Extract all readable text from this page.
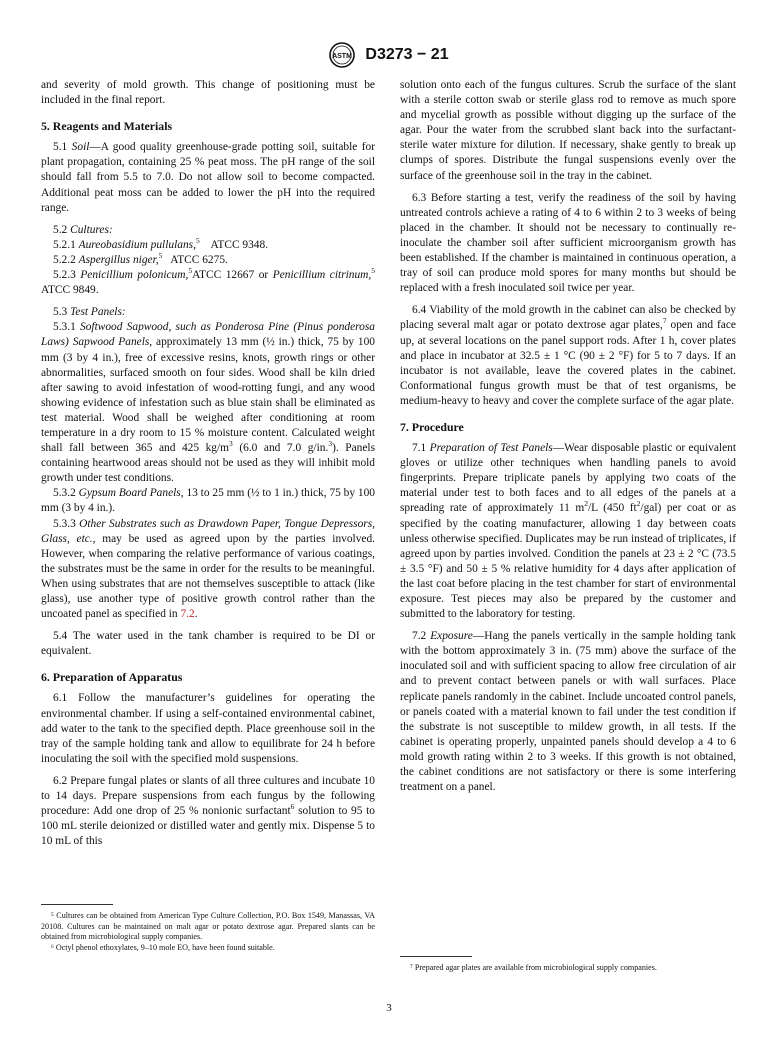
ASTM D3273 − 21

and severity of mold growth. This change of positioning must be included in the final report.

5. Reagents and Materials

5.1 Soil—A good quality greenhouse-grade potting soil, suitable for plant propagation, containing 25 % peat moss. The pH range of the soil should fall from 5.5 to 7.0. Do not allow soil to become compacted. Additional peat moss can be added to lower the pH into the required range.

5.2 Cultures:

5.2.1 Aureobasidium pullulans,$^5$ ATCC 9348.

5.2.2 Aspergillus niger,$^5$ ATCC 6275.

5.2.3 Penicillium polonicum,$^5$ATCC 12667 or Penicillium citrinum,$^5$ ATCC 9849.

5.3 Test Panels:

5.3.1 Softwood Sapwood, such as Ponderosa Pine (Pinus ponderosa Laws) Sapwood Panels, approximately 13 mm (½ in.) thick, 75 by 100 mm (3 by 4 in.), free of excessive resins, knots, growth rings or other abnormalities, surfaced smooth on four sides. Wood shall be kiln dried after sawing to avoid infestation of wood-rotting fungi, and any wood showing evidence of infestation such as blue stain shall be eliminated as test material. Wood shall be weighed after conditioning at room temperature in a dry room to 15 % moisture content. Calculated weight shall fall between 365 and 425 $kg/m^3$ (6.0 and 7.0 g/in.$^3$). Panels containing heartwood areas should not be used as they will inhibit mold growth under test conditions.

5.3.2 Gypsum Board Panels, 13 to 25 mm (½ to 1 in.) thick, 75 by 100 mm (3 by 4 in.).

5.3.3 Other Substrates such as Drawdown Paper, Tongue Depressors, Glass, etc., may be used as agreed upon by the parties involved. However, when comparing the relative performance of various coatings, the substrates must be the same in order for the results to be meaningful. When using substrates that are not themselves susceptible to attack (like glass), use another type of positive growth control rather than the uncoated panel as specified in 7.2.

5.4 The water used in the tank chamber is required to be DI or equivalent.

6. Preparation of Apparatus

6.1 Follow the manufacturer’s guidelines for operating the environmental chamber. If using a self-contained environmental cabinet, add water to the tank to the specified depth. Place greenhouse soil in the tray of the sample holding tank and allow to equilibrate for 24 h before inoculating the soil with the specified mold suspensions.

6.2 Prepare fungal plates or slants of all three cultures and incubate 10 to 14 days. Prepare suspensions from each fungus by the following procedure: Add one drop of 25 % nonionic surfactant$^6$ solution to 95 to 100 mL sterile deionized or distilled water and gently mix. Dispense 5 to 10 mL of this

⁵ Cultures can be obtained from American Type Culture Collection, P.O. Box 1549, Manassas, VA 20108. Cultures can be maintained on malt agar or potato dextrose agar. Prepared slants can be obtained from microbiological supply companies.

⁶ Octyl phenol ethoxylates, 9–10 mole EO, have been found suitable.

solution onto each of the fungus cultures. Scrub the surface of the slant with a sterile cotton swab or sterile glass rod to remove as much spore and mycelial growth as possible without digging up the surface of the agar. Pour the water from the scrubbed slant back into the surfactant-sterile water mixture for dilution. If necessary, shake gently to break up clumps of spores. Distribute the fungal suspensions evenly over the surface of the greenhouse soil in the tray in the cabinet.

6.3 Before starting a test, verify the readiness of the soil by having untreated controls achieve a rating of 4 to 6 within 2 to 3 weeks of being placed in the chamber. It should not be necessary to continually re-inoculate the chamber soil after sufficient microorganism growth has been established. If the chamber is maintained in continuous operation, a tray of soil can produce mold spores for many months but should be replaced with a fresh inoculated soil twice per year.

6.4 Viability of the mold growth in the cabinet can also be checked by placing several malt agar or potato dextrose agar plates,$^7$ open and face up, at several locations on the panel support rods. After 1 h, cover plates and place in incubator at 32.5 ± 1 °C (90 ± 2 °F) for 5 to 7 days. If an incubator is not available, leave the covered plates in the cabinet. Conformational fungus growth must be that of test organisms, be medium-heavy to heavy and cover the complete surface of the agar plate.

7. Procedure

7.1 Preparation of Test Panels—Wear disposable plastic or equivalent gloves or utilize other techniques when handling panels to avoid fingerprints. Prepare triplicate panels by applying two coats of the material under test to both faces and to all edges of the panels at a spreading rate of approximately 11 $m^2/L$ (450 $ft^2/gal$) per coat or as specified by the coating manufacturer, allowing 1 day between coats unless otherwise specified. Duplicates may be run instead of triplicates, if agreed upon by parties involved. Condition the panels at 23 ± 2 °C (73.5 ± 3.5 °F) and 50 ± 5 % relative humidity for 4 days after application of the last coat before placing in the test chamber for start of environmental exposure. Test pieces may also be prepared by the customer and submitted to the laboratory for testing.

7.2 Exposure—Hang the panels vertically in the sample holding tank with the bottom approximately 3 in. (75 mm) above the surface of the inoculated soil and with sufficient spacing to allow free circulation of air and to prevent contact between panels or with wall surfaces. Place replicate panels randomly in the cabinet. Include uncoated control panels, or panels coated with a material known to fail under the test condition if the substrate is not susceptible to mildew growth, in all tests. If the cabinet is operating properly, unpainted panels should develop a 4 to 6 mold growth rating within 2 to 3 weeks. If this growth is not obtained, the cabinet conditions are not satisfactory or there is some interfering treatment on a panel.

⁷ Prepared agar plates are available from microbiological supply companies.

3
